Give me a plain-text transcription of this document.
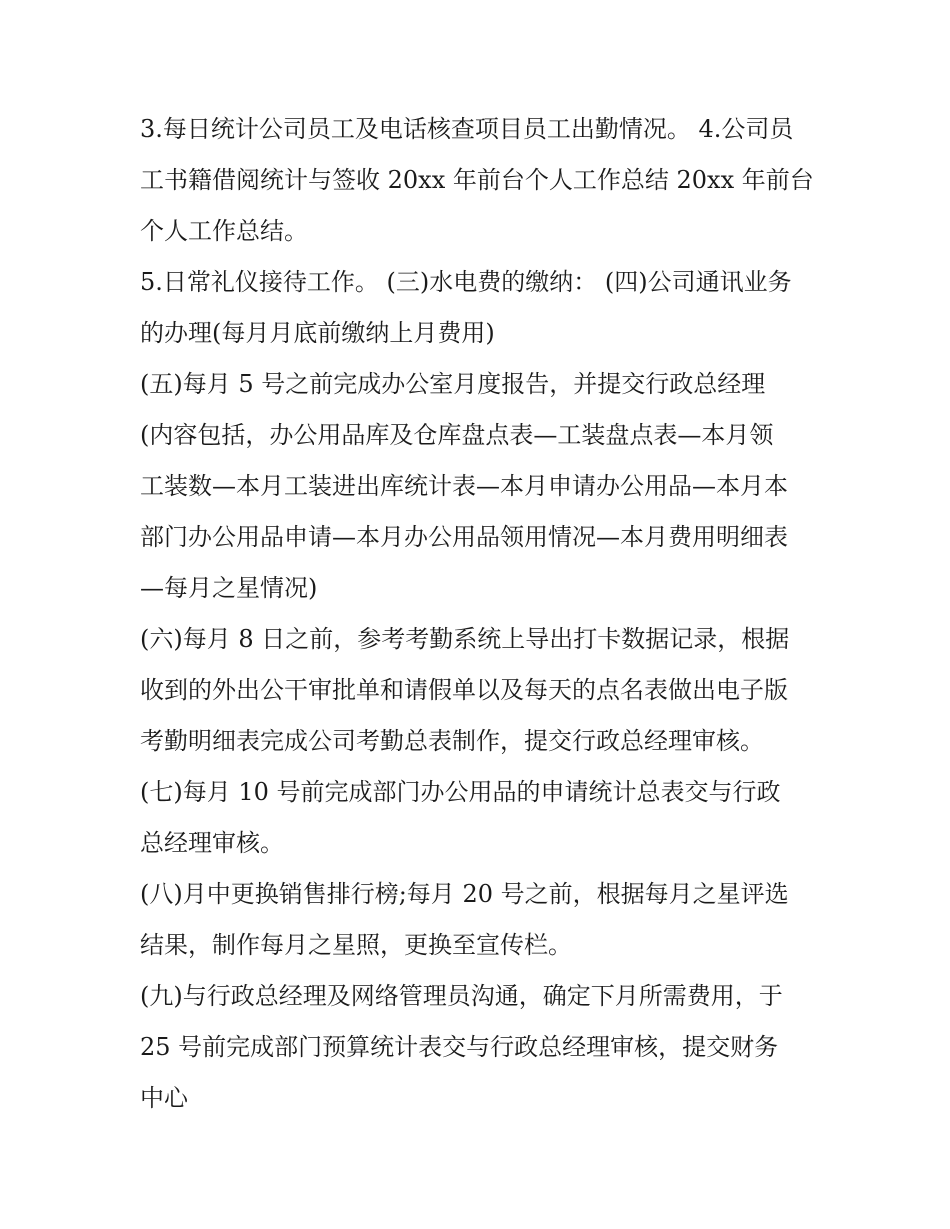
3.每日统计公司员工及电话核查项目员工出勤情况。 4.公司员
工书籍借阅统计与签收 20xx 年前台个人工作总结 20xx 年前台
个人工作总结。
5.日常礼仪接待工作。 (三)水电费的缴纳： (四)公司通讯业务
的办理(每月月底前缴纳上月费用)
(五)每月 5 号之前完成办公室月度报告，并提交行政总经理
(内容包括，办公用品库及仓库盘点表—工装盘点表—本月领
工装数—本月工装进出库统计表—本月申请办公用品—本月本
部门办公用品申请—本月办公用品领用情况—本月费用明细表
—每月之星情况)
(六)每月 8 日之前，参考考勤系统上导出打卡数据记录，根据
收到的外出公干审批单和请假单以及每天的点名表做出电子版
考勤明细表完成公司考勤总表制作，提交行政总经理审核。
(七)每月 10 号前完成部门办公用品的申请统计总表交与行政
总经理审核。
(八)月中更换销售排行榜;每月 20 号之前，根据每月之星评选
结果，制作每月之星照，更换至宣传栏。
(九)与行政总经理及网络管理员沟通，确定下月所需费用，于
25 号前完成部门预算统计表交与行政总经理审核，提交财务
中心
